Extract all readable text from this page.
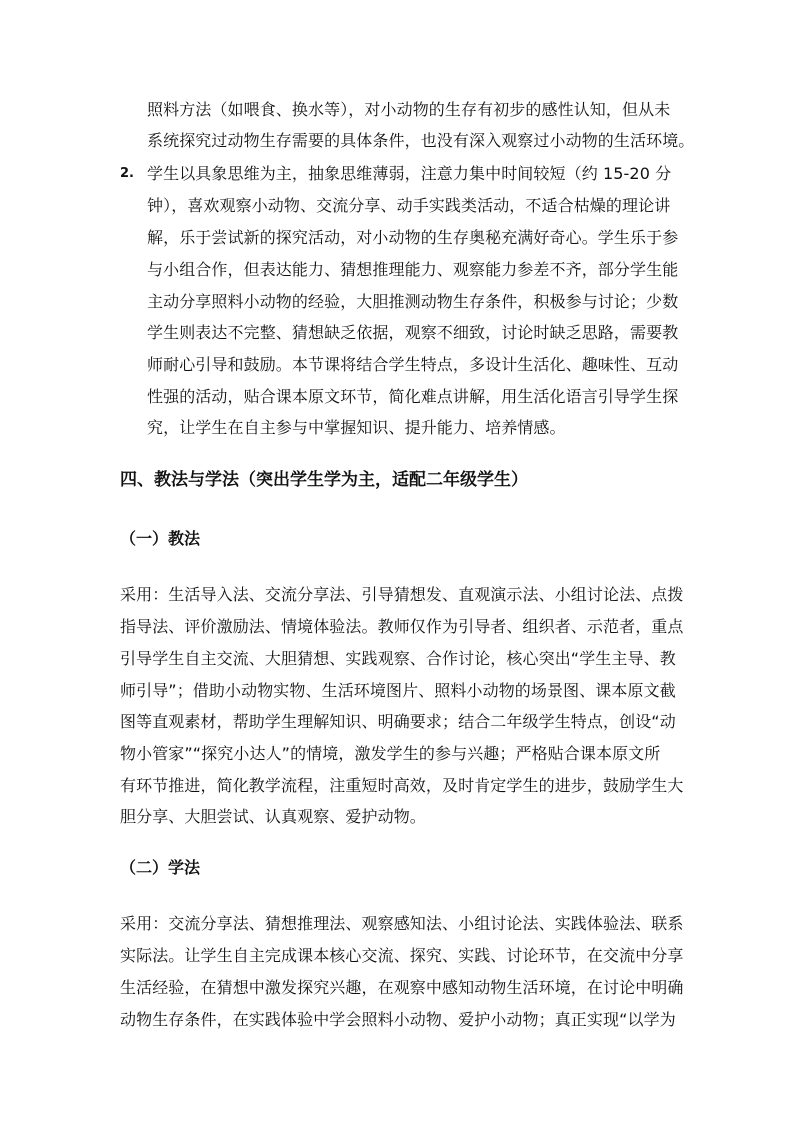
照料方法（如喂食、换水等），对小动物的生存有初步的感性认知，但从未
系统探究过动物生存需要的具体条件，也没有深入观察过小动物的生活环境。
2. 学生以具象思维为主，抽象思维薄弱，注意力集中时间较短（约 15-20 分
钟），喜欢观察小动物、交流分享、动手实践类活动，不适合枯燥的理论讲
解，乐于尝试新的探究活动，对小动物的生存奥秘充满好奇心。学生乐于参
与小组合作，但表达能力、猜想推理能力、观察能力参差不齐，部分学生能
主动分享照料小动物的经验，大胆推测动物生存条件，积极参与讨论；少数
学生则表达不完整、猜想缺乏依据，观察不细致，讨论时缺乏思路，需要教
师耐心引导和鼓励。本节课将结合学生特点，多设计生活化、趣味性、互动
性强的活动，贴合课本原文环节，简化难点讲解，用生活化语言引导学生探
究，让学生在自主参与中掌握知识、提升能力、培养情感。
四、教法与学法（突出学生学为主，适配二年级学生）
（一）教法
采用：生活导入法、交流分享法、引导猜想发、直观演示法、小组讨论法、点拨
指导法、评价激励法、情境体验法。教师仅作为引导者、组织者、示范者，重点
引导学生自主交流、大胆猜想、实践观察、合作讨论，核心突出“学生主导、教
师引导”；借助小动物实物、生活环境图片、照料小动物的场景图、课本原文截
图等直观素材，帮助学生理解知识、明确要求；结合二年级学生特点，创设“动
物小管家”“探究小达人”的情境，激发学生的参与兴趣；严格贴合课本原文所
有环节推进，简化教学流程，注重短时高效，及时肯定学生的进步，鼓励学生大
胆分享、大胆尝试、认真观察、爱护动物。
（二）学法
采用：交流分享法、猜想推理法、观察感知法、小组讨论法、实践体验法、联系
实际法。让学生自主完成课本核心交流、探究、实践、讨论环节，在交流中分享
生活经验，在猜想中激发探究兴趣，在观察中感知动物生活环境，在讨论中明确
动物生存条件，在实践体验中学会照料小动物、爱护小动物；真正实现“以学为
